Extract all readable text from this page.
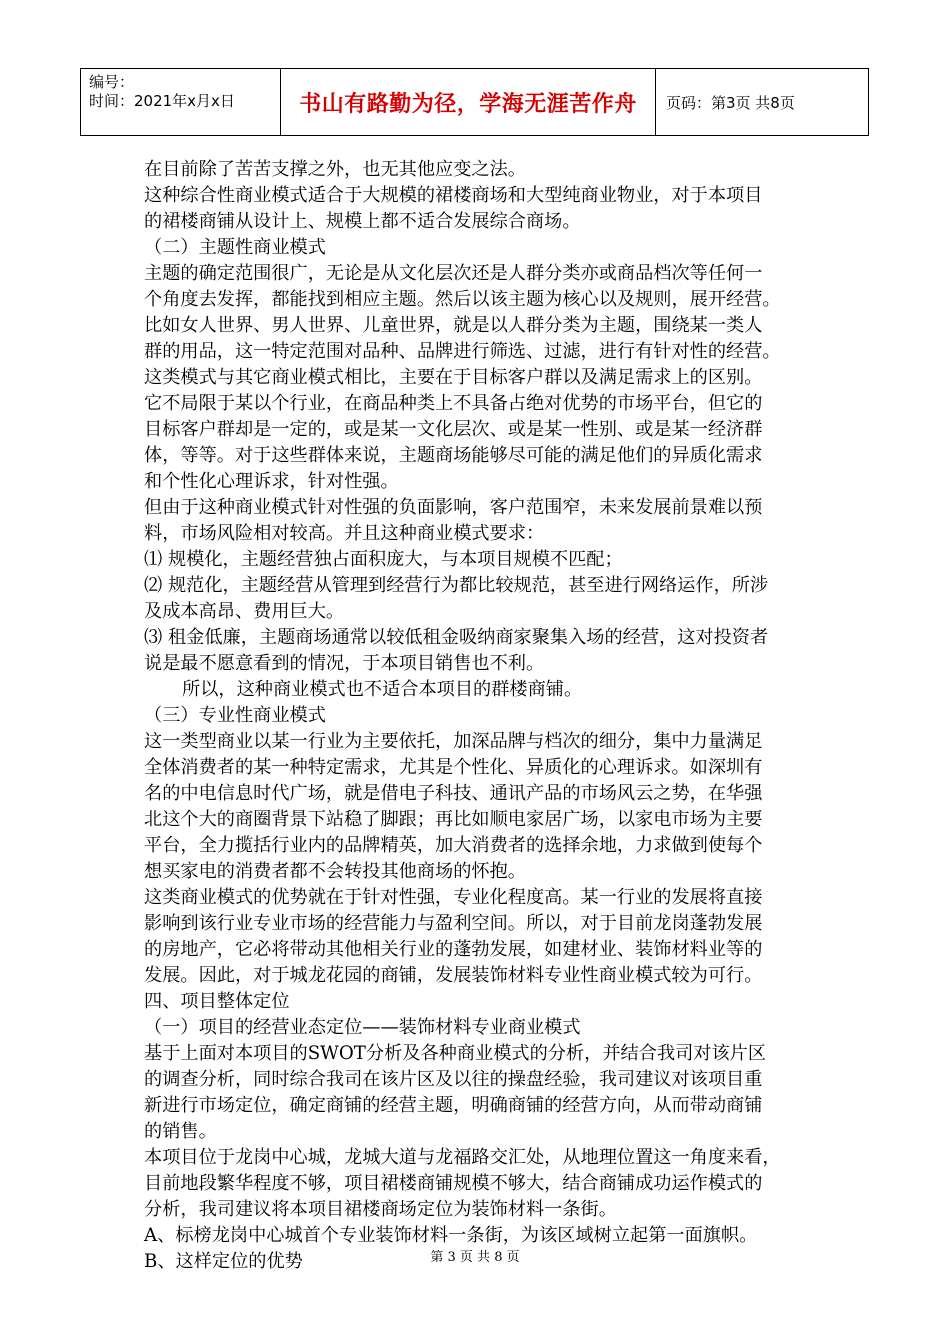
编号：
时间：2021年x月x日	书山有路勤为径，学海无涯苦作舟	页码：第3页 共8页

在目前除了苦苦支撑之外，也无其他应变之法。

这种综合性商业模式适合于大规模的裙楼商场和大型纯商业物业，对于本项目

的裙楼商铺从设计上、规模上都不适合发展综合商场。

（二）主题性商业模式

主题的确定范围很广，无论是从文化层次还是人群分类亦或商品档次等任何一

个角度去发挥，都能找到相应主题。然后以该主题为核心以及规则，展开经营。

比如女人世界、男人世界、儿童世界，就是以人群分类为主题，围绕某一类人

群的用品，这一特定范围对品种、品牌进行筛选、过滤，进行有针对性的经营。

这类模式与其它商业模式相比，主要在于目标客户群以及满足需求上的区别。

它不局限于某以个行业，在商品种类上不具备占绝对优势的市场平台，但它的

目标客户群却是一定的，或是某一文化层次、或是某一性别、或是某一经济群

体，等等。对于这些群体来说，主题商场能够尽可能的满足他们的异质化需求

和个性化心理诉求，针对性强。

但由于这种商业模式针对性强的负面影响，客户范围窄，未来发展前景难以预

料，市场风险相对较高。并且这种商业模式要求：

⑴ 规模化，主题经营独占面积庞大，与本项目规模不匹配；

⑵ 规范化，主题经营从管理到经营行为都比较规范，甚至进行网络运作，所涉

及成本高昂、费用巨大。

⑶ 租金低廉，主题商场通常以较低租金吸纳商家聚集入场的经营，这对投资者

说是最不愿意看到的情况，于本项目销售也不利。

所以，这种商业模式也不适合本项目的群楼商铺。

（三）专业性商业模式

这一类型商业以某一行业为主要依托，加深品牌与档次的细分，集中力量满足

全体消费者的某一种特定需求，尤其是个性化、异质化的心理诉求。如深圳有

名的中电信息时代广场，就是借电子科技、通讯产品的市场风云之势，在华强

北这个大的商圈背景下站稳了脚跟；再比如顺电家居广场，以家电市场为主要

平台，全力揽括行业内的品牌精英，加大消费者的选择余地，力求做到使每个

想买家电的消费者都不会转投其他商场的怀抱。

这类商业模式的优势就在于针对性强，专业化程度高。某一行业的发展将直接

影响到该行业专业市场的经营能力与盈利空间。所以，对于目前龙岗蓬勃发展

的房地产，它必将带动其他相关行业的蓬勃发展，如建材业、装饰材料业等的

发展。因此，对于城龙花园的商铺，发展装饰材料专业性商业模式较为可行。

四、项目整体定位

（一）项目的经营业态定位——装饰材料专业商业模式

基于上面对本项目的SWOT分析及各种商业模式的分析，并结合我司对该片区

的调查分析，同时综合我司在该片区及以往的操盘经验，我司建议对该项目重

新进行市场定位，确定商铺的经营主题，明确商铺的经营方向，从而带动商铺

的销售。

本项目位于龙岗中心城，龙城大道与龙福路交汇处，从地理位置这一角度来看，

目前地段繁华程度不够，项目裙楼商铺规模不够大，结合商铺成功运作模式的

分析，我司建议将本项目裙楼商场定位为装饰材料一条街。

A、标榜龙岗中心城首个专业装饰材料一条街，为该区域树立起第一面旗帜。

B、这样定位的优势	第 3 页 共 8 页
